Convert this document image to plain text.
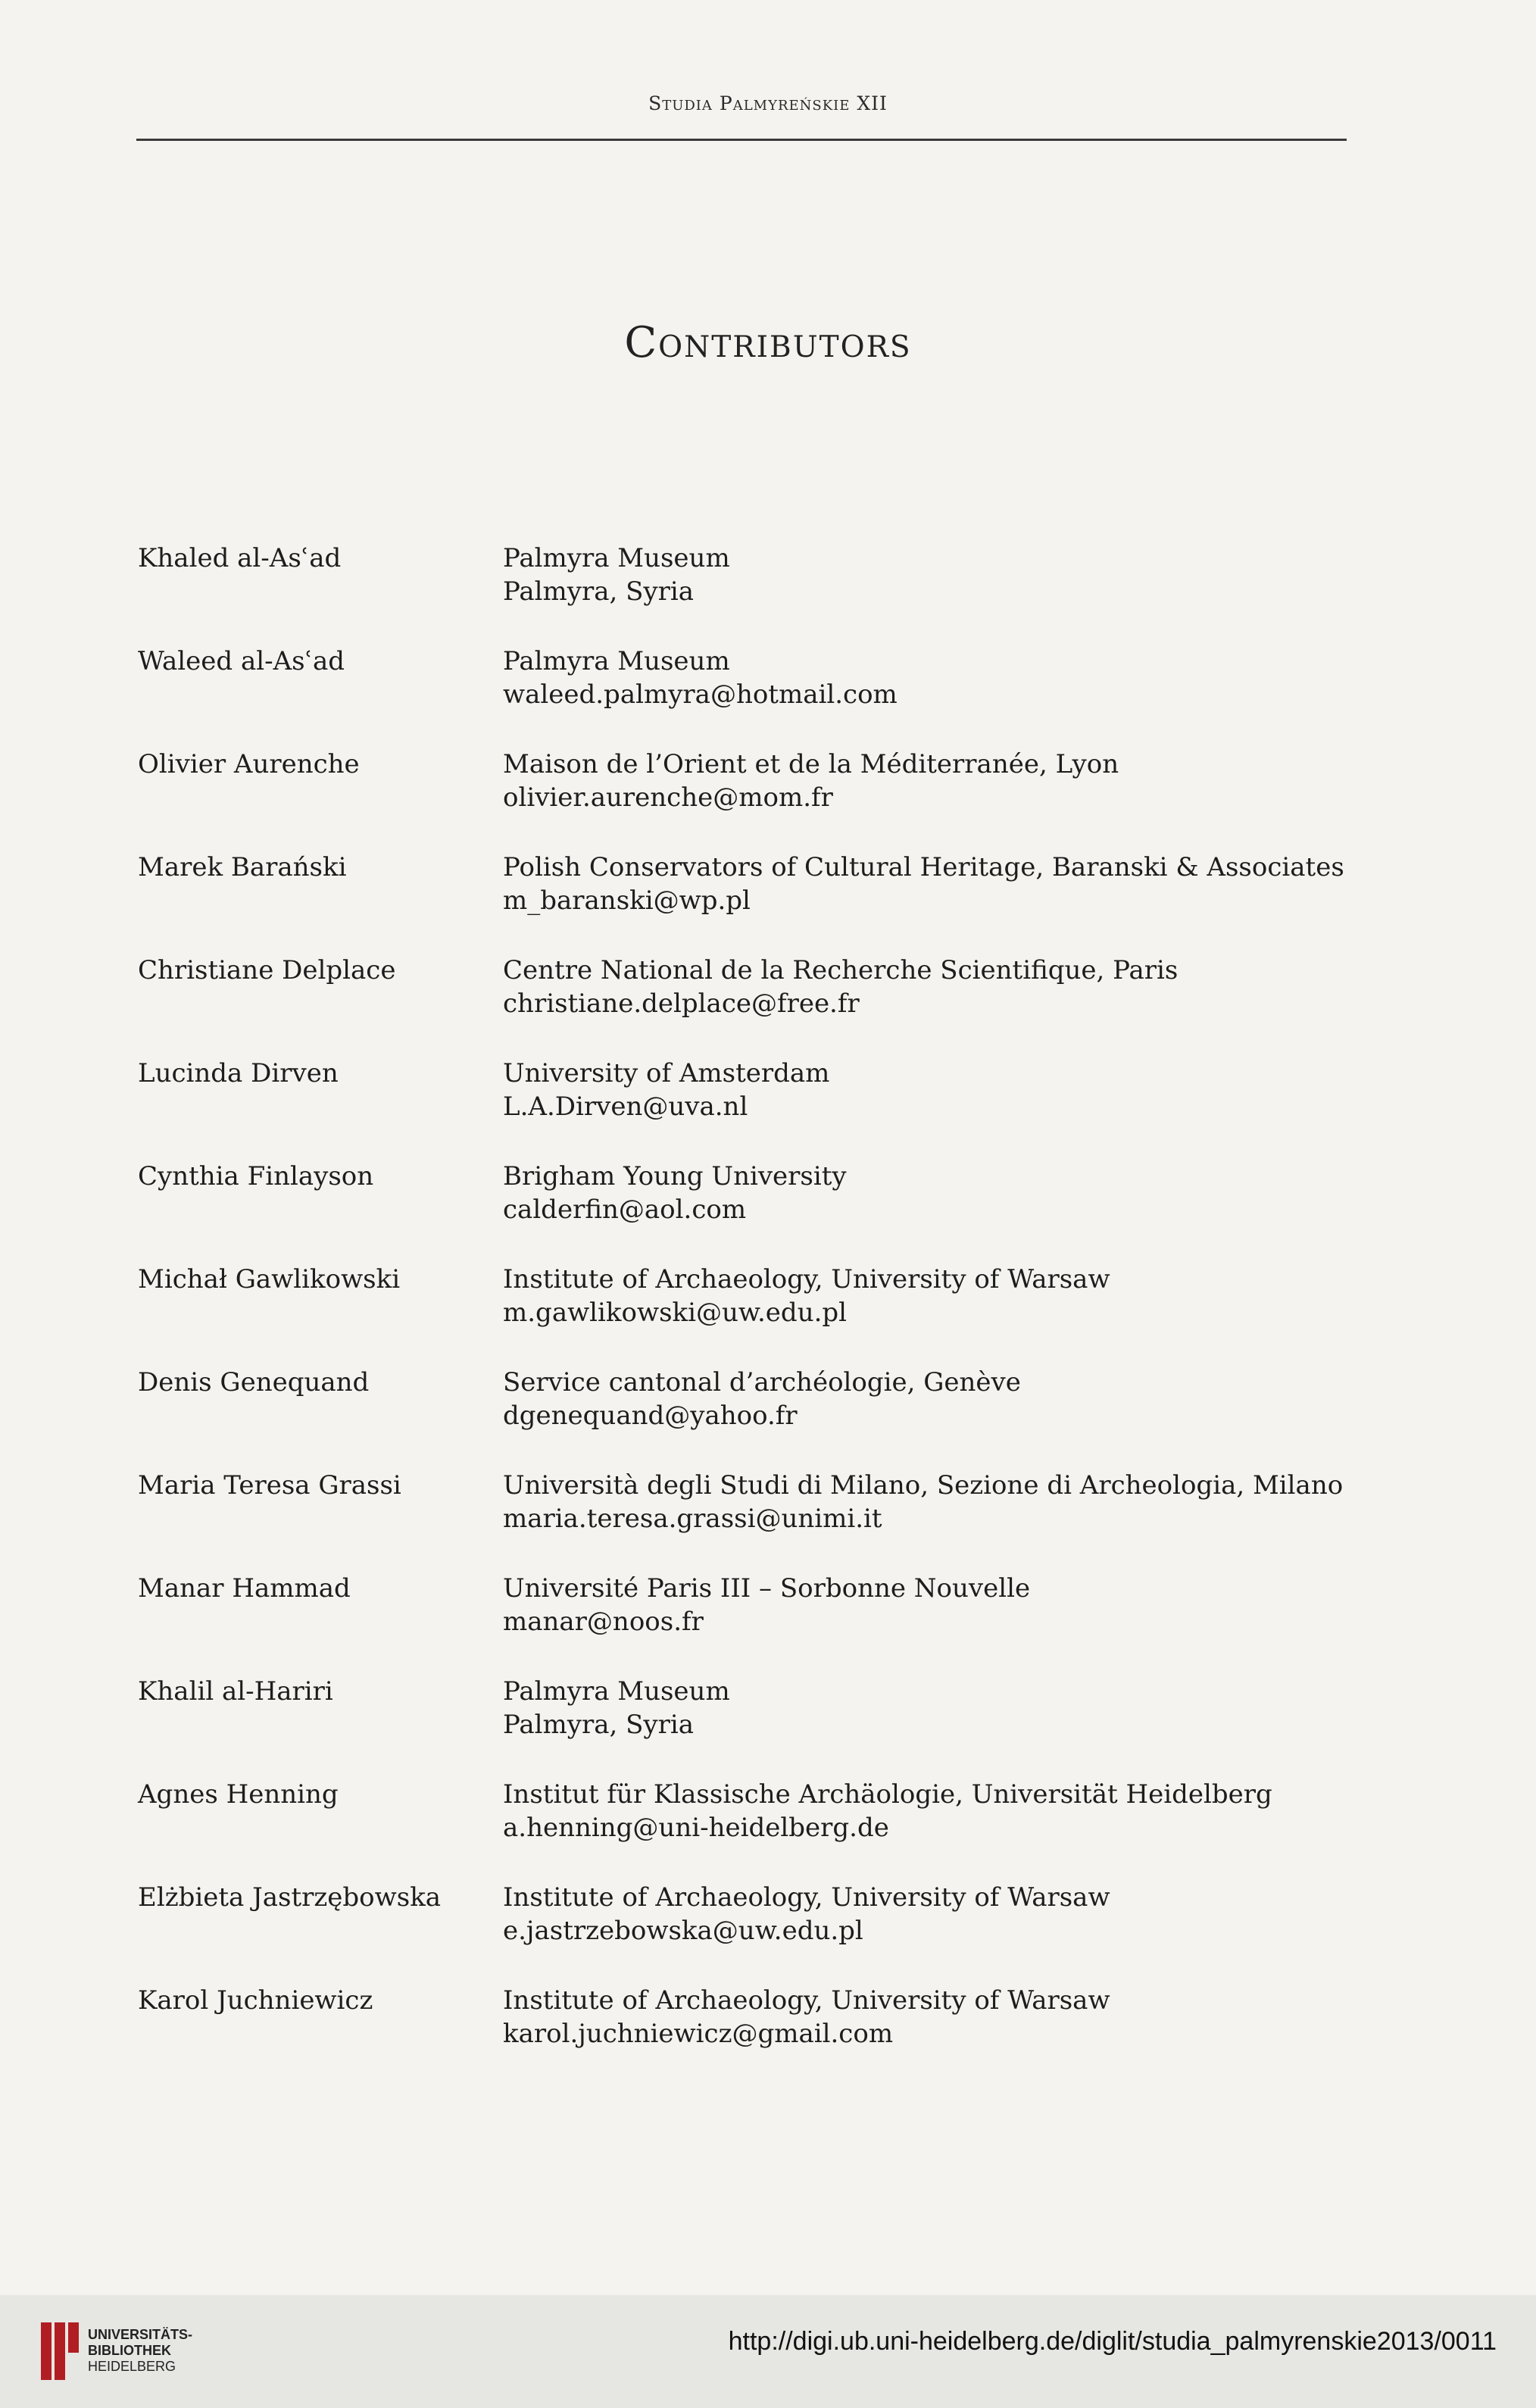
Studia Palmyreńskie XII
Contributors
Khaled al-Asʿad	Palmyra Museum
Palmyra, Syria
Waleed al-Asʿad	Palmyra Museum
waleed.palmyra@hotmail.com
Olivier Aurenche	Maison de l’Orient et de la Méditerranée, Lyon
olivier.aurenche@mom.fr
Marek Barański	Polish Conservators of Cultural Heritage, Baranski & Associates
m_baranski@wp.pl
Christiane Delplace	Centre National de la Recherche Scientifique, Paris
christiane.delplace@free.fr
Lucinda Dirven	University of Amsterdam
L.A.Dirven@uva.nl
Cynthia Finlayson	Brigham Young University
calderfin@aol.com
Michał Gawlikowski	Institute of Archaeology, University of Warsaw
m.gawlikowski@uw.edu.pl
Denis Genequand	Service cantonal d’archéologie, Genève
dgenequand@yahoo.fr
Maria Teresa Grassi	Università degli Studi di Milano, Sezione di Archeologia, Milano
maria.teresa.grassi@unimi.it
Manar Hammad	Université Paris III – Sorbonne Nouvelle
manar@noos.fr
Khalil al-Hariri	Palmyra Museum
Palmyra, Syria
Agnes Henning	Institut für Klassische Archäologie, Universität Heidelberg
a.henning@uni-heidelberg.de
Elżbieta Jastrzębowska	Institute of Archaeology, University of Warsaw
e.jastrzebowska@uw.edu.pl
Karol Juchniewicz	Institute of Archaeology, University of Warsaw
karol.juchniewicz@gmail.com
UNIVERSITÄTS-
BIBLIOTHEK
HEIDELBERG
http://digi.ub.uni-heidelberg.de/diglit/studia_palmyrenskie2013/0011
